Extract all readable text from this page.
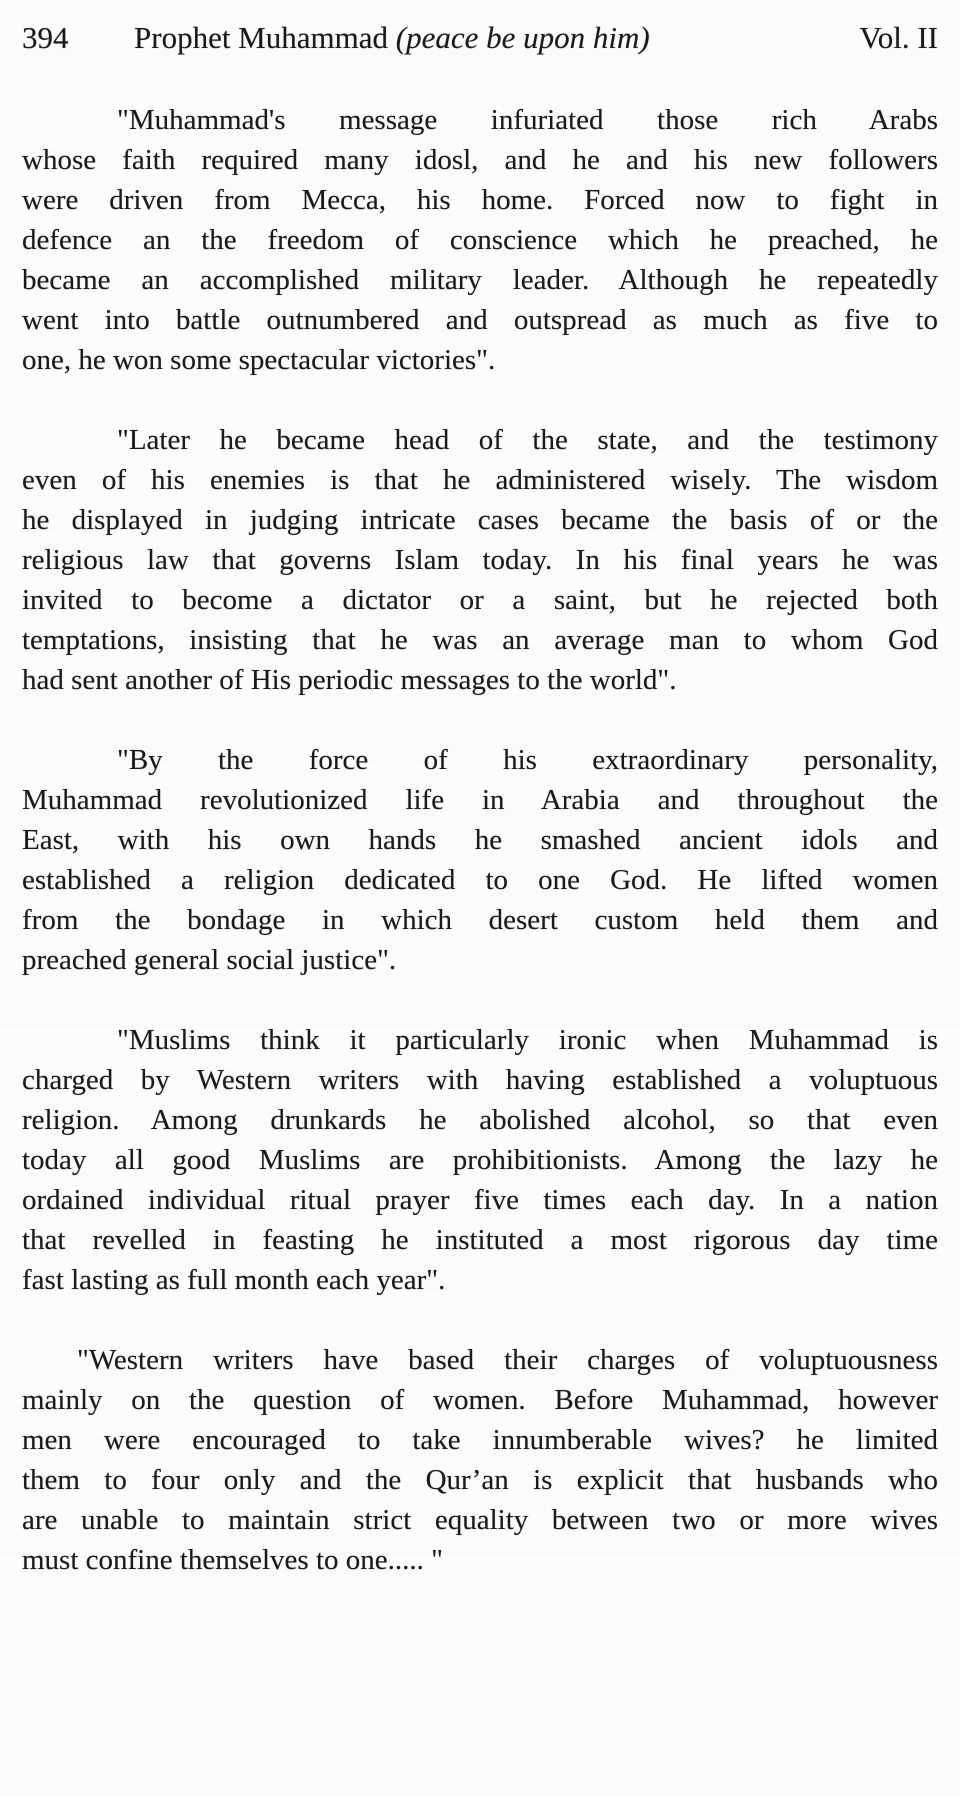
394	Prophet Muhammad (peace be upon him)	Vol. II
"Muhammad's message infuriated those rich Arabs
whose faith required many idosl, and he and his new followers
were driven from Mecca, his home. Forced now to fight in
defence an the freedom of conscience which he preached, he
became an accomplished military leader. Although he repeatedly
went into battle outnumbered and outspread as much as five to
one, he won some spectacular victories".
"Later he became head of the state, and the testimony
even of his enemies is that he administered wisely. The wisdom
he displayed in judging intricate cases became the basis of or the
religious law that governs Islam today. In his final years he was
invited to become a dictator or a saint, but he rejected both
temptations, insisting that he was an average man to whom God
had sent another of His periodic messages to the world".
"By the force of his extraordinary personality,
Muhammad revolutionized life in Arabia and throughout the
East, with his own hands he smashed ancient idols and
established a religion dedicated to one God. He lifted women
from the bondage in which desert custom held them and
preached general social justice".
"Muslims think it particularly ironic when Muhammad is
charged by Western writers with having established a voluptuous
religion. Among drunkards he abolished alcohol, so that even
today all good Muslims are prohibitionists. Among the lazy he
ordained individual ritual prayer five times each day. In a nation
that revelled in feasting he instituted a most rigorous day time
fast lasting as full month each year".
"Western writers have based their charges of voluptuousness
mainly on the question of women. Before Muhammad, however
men were encouraged to take innumberable wives? he limited
them to four only and the Qur’an is explicit that husbands who
are unable to maintain strict equality between two or more wives
must confine themselves to one..... "
